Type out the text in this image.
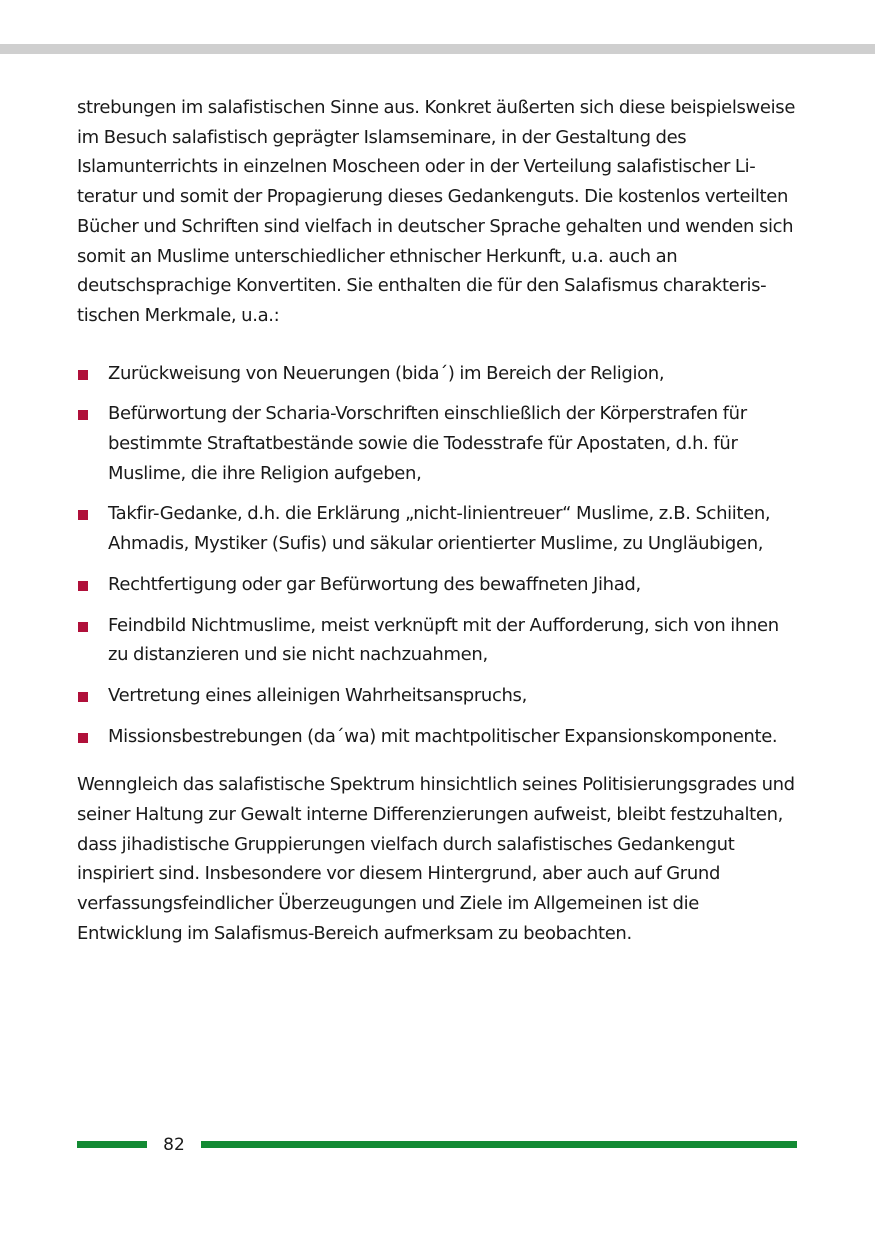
strebungen im salafistischen Sinne aus. Konkret äußerten sich diese beispielsweise im Besuch salafistisch geprägter Islamseminare, in der Gestaltung des Islamunterrichts in einzelnen Moscheen oder in der Verteilung salafistischer Literatur und somit der Propagierung dieses Gedankenguts. Die kostenlos verteilten Bücher und Schriften sind vielfach in deutscher Sprache gehalten und wenden sich somit an Muslime unterschiedlicher ethnischer Herkunft, u.a. auch an deutschsprachige Konvertiten. Sie enthalten die für den Salafismus charakteristischen Merkmale, u.a.:

Zurückweisung von Neuerungen (bida´) im Bereich der Religion,
Befürwortung der Scharia-Vorschriften einschließlich der Körperstrafen für bestimmte Straftatbestände sowie die Todesstrafe für Apostaten, d.h. für Muslime, die ihre Religion aufgeben,
Takfir-Gedanke, d.h. die Erklärung „nicht-linientreuer“ Muslime, z.B. Schiiten, Ahmadis, Mystiker (Sufis) und säkular orientierter Muslime, zu Ungläubigen,
Rechtfertigung oder gar Befürwortung des bewaffneten Jihad,
Feindbild Nichtmuslime, meist verknüpft mit der Aufforderung, sich von ihnen zu distanzieren und sie nicht nachzuahmen,
Vertretung eines alleinigen Wahrheitsanspruchs,
Missionsbestrebungen (da´wa) mit machtpolitischer Expansionskomponente.

Wenngleich das salafistische Spektrum hinsichtlich seines Politisierungsgrades und seiner Haltung zur Gewalt interne Differenzierungen aufweist, bleibt festzuhalten, dass jihadistische Gruppierungen vielfach durch salafistisches Gedankengut inspiriert sind. Insbesondere vor diesem Hintergrund, aber auch auf Grund verfassungsfeindlicher Überzeugungen und Ziele im Allgemeinen ist die Entwicklung im Salafismus-Bereich aufmerksam zu beobachten.

82
